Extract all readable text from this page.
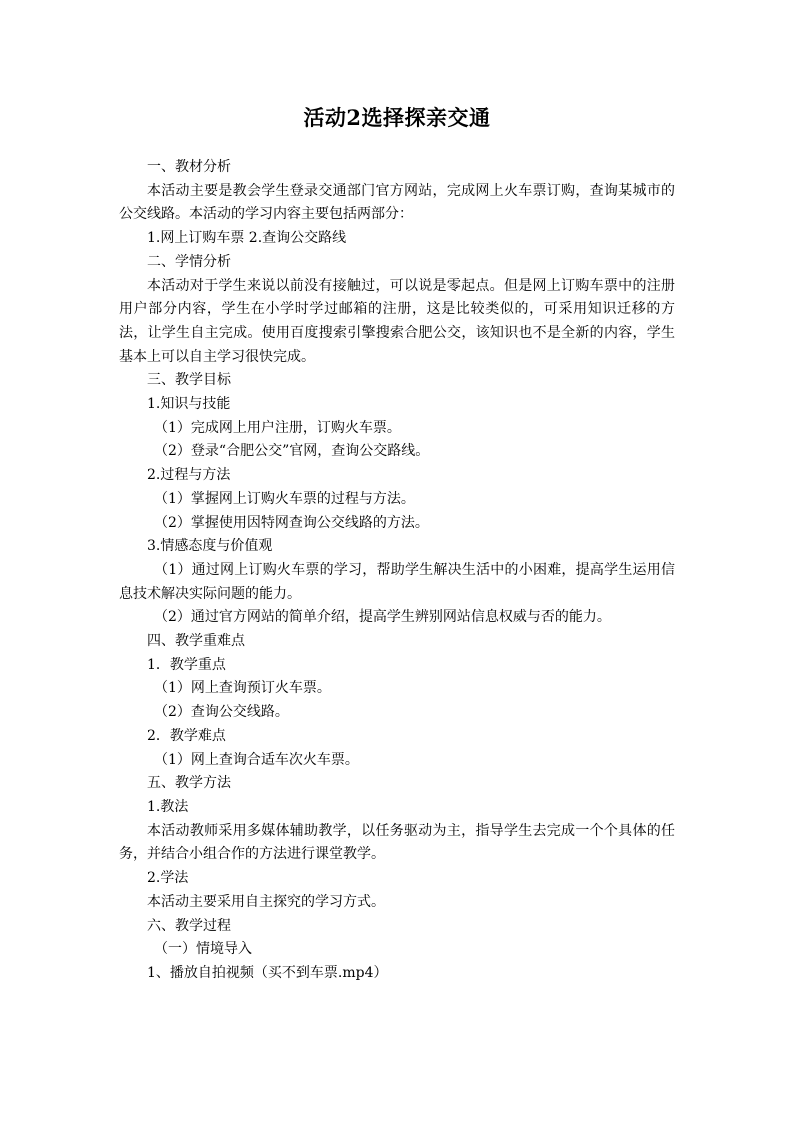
活动2选择探亲交通

一、教材分析

本活动主要是教会学生登录交通部门官方网站，完成网上火车票订购，查询某城市的公交线路。本活动的学习内容主要包括两部分：

1.网上订购车票 2.查询公交路线

二、学情分析

本活动对于学生来说以前没有接触过，可以说是零起点。但是网上订购车票中的注册用户部分内容，学生在小学时学过邮箱的注册，这是比较类似的，可采用知识迁移的方法，让学生自主完成。使用百度搜索引擎搜索合肥公交，该知识也不是全新的内容，学生基本上可以自主学习很快完成。

三、教学目标

1.知识与技能

（1）完成网上用户注册，订购火车票。

（2）登录“合肥公交”官网，查询公交路线。

2.过程与方法

（1）掌握网上订购火车票的过程与方法。

（2）掌握使用因特网查询公交线路的方法。

3.情感态度与价值观

（1）通过网上订购火车票的学习，帮助学生解决生活中的小困难，提高学生运用信息技术解决实际问题的能力。

（2）通过官方网站的简单介绍，提高学生辨别网站信息权威与否的能力。

四、教学重难点

1．教学重点

（1）网上查询预订火车票。

（2）查询公交线路。

2．教学难点

（1）网上查询合适车次火车票。

五、教学方法

1.教法

本活动教师采用多媒体辅助教学，以任务驱动为主，指导学生去完成一个个具体的任务，并结合小组合作的方法进行课堂教学。

2.学法

本活动主要采用自主探究的学习方式。

六、教学过程

（一）情境导入

1、播放自拍视频（买不到车票.mp4）
